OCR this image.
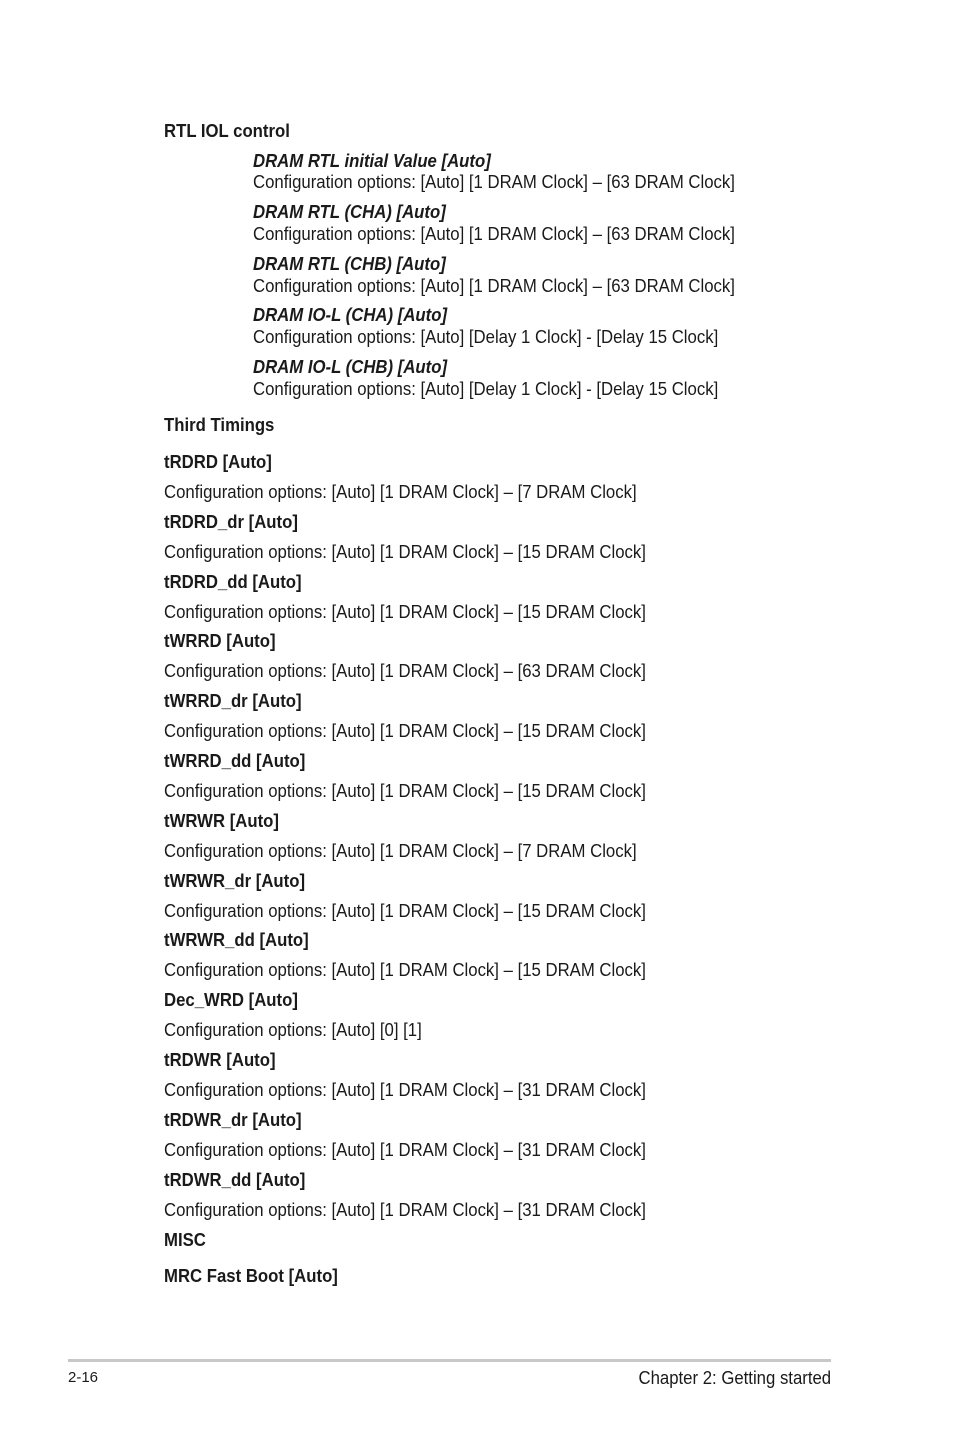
RTL IOL control
DRAM RTL initial Value [Auto]
Configuration options: [Auto] [1 DRAM Clock] – [63 DRAM Clock]
DRAM RTL (CHA) [Auto]
Configuration options: [Auto] [1 DRAM Clock] – [63 DRAM Clock]
DRAM RTL (CHB) [Auto]
Configuration options: [Auto] [1 DRAM Clock] – [63 DRAM Clock]
DRAM IO-L (CHA) [Auto]
Configuration options: [Auto] [Delay 1 Clock] - [Delay 15 Clock]
DRAM IO-L (CHB) [Auto]
Configuration options: [Auto] [Delay 1 Clock] - [Delay 15 Clock]
Third Timings
tRDRD [Auto]
Configuration options: [Auto] [1 DRAM Clock] – [7 DRAM Clock]
tRDRD_dr [Auto]
Configuration options: [Auto] [1 DRAM Clock] – [15 DRAM Clock]
tRDRD_dd [Auto]
Configuration options: [Auto] [1 DRAM Clock] – [15 DRAM Clock]
tWRRD [Auto]
Configuration options: [Auto] [1 DRAM Clock] – [63 DRAM Clock]
tWRRD_dr [Auto]
Configuration options: [Auto] [1 DRAM Clock] – [15 DRAM Clock]
tWRRD_dd [Auto]
Configuration options: [Auto] [1 DRAM Clock] – [15 DRAM Clock]
tWRWR [Auto]
Configuration options: [Auto] [1 DRAM Clock] – [7 DRAM Clock]
tWRWR_dr [Auto]
Configuration options: [Auto] [1 DRAM Clock] – [15 DRAM Clock]
tWRWR_dd [Auto]
Configuration options: [Auto] [1 DRAM Clock] – [15 DRAM Clock]
Dec_WRD [Auto]
Configuration options: [Auto] [0] [1]
tRDWR [Auto]
Configuration options: [Auto] [1 DRAM Clock] – [31 DRAM Clock]
tRDWR_dr [Auto]
Configuration options: [Auto] [1 DRAM Clock] – [31 DRAM Clock]
tRDWR_dd [Auto]
Configuration options: [Auto] [1 DRAM Clock] – [31 DRAM Clock]
MISC
MRC Fast Boot [Auto]
2-16	Chapter 2: Getting started
